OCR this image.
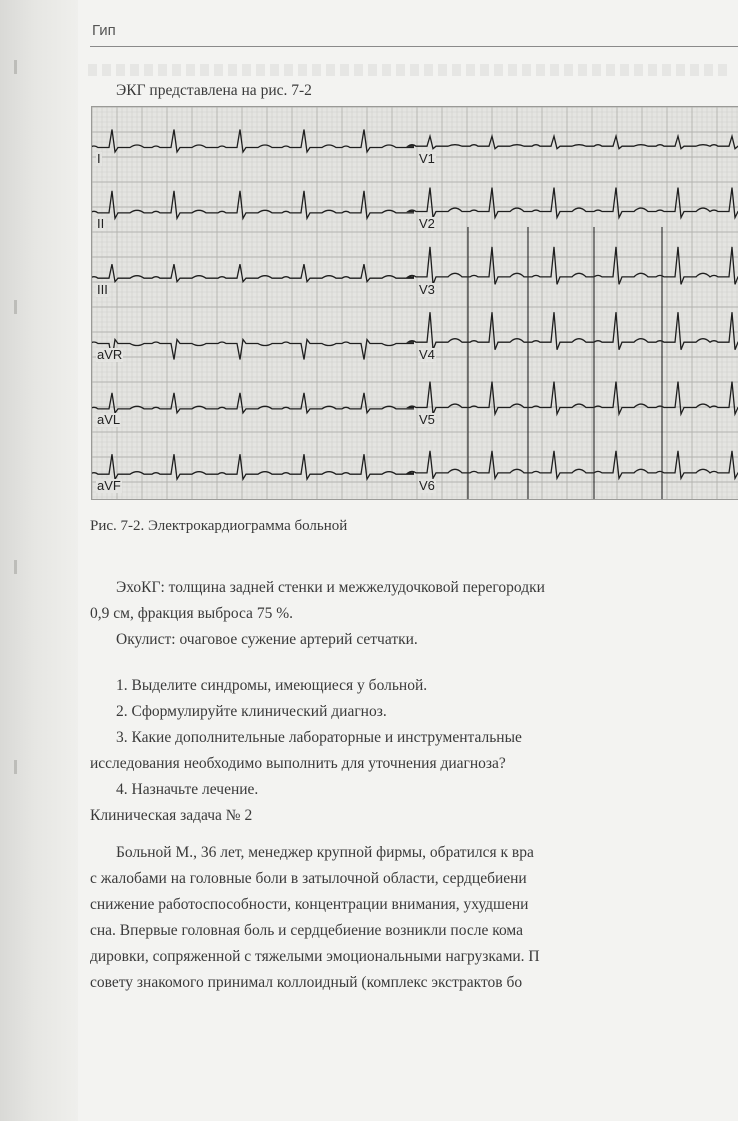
Гип
ЭКГ представлена на рис. 7-2
I
II
III
aVR
aVL
aVF
V1
V2
V3
V4
V5
V6
Рис. 7-2. Электрокардиограмма больной
ЭхоКГ: толщина задней стенки и межжелудочковой перегородки
0,9 см, фракция выброса 75 %.
Окулист: очаговое сужение артерий сетчатки.
1. Выделите синдромы, имеющиеся у больной.
2. Сформулируйте клинический диагноз.
3. Какие дополнительные лабораторные и инструментальные
исследования необходимо выполнить для уточнения диагноза?
4. Назначьте лечение.
Клиническая задача № 2
Больной М., 36 лет, менеджер крупной фирмы, обратился к вра
с жалобами на головные боли в затылочной области, сердцебиени
снижение работоспособности, концентрации внимания, ухудшени
сна. Впервые головная боль и сердцебиение возникли после кома
дировки, сопряженной с тяжелыми эмоциональными нагрузками. П
совету знакомого принимал коллоидный (комплекс экстрактов бо
